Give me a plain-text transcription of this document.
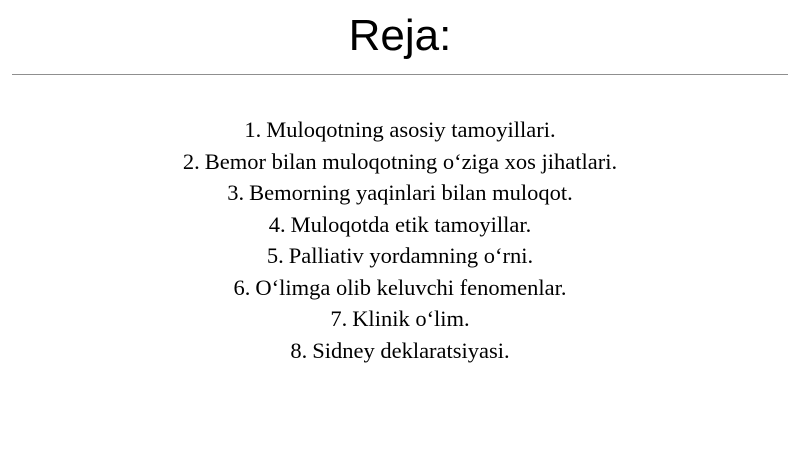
Reja:
1. Muloqotning asosiy tamoyillari.
2. Bemor bilan muloqotning o‘ziga xos jihatlari.
3. Bemorning yaqinlari bilan muloqot.
4. Muloqotda etik tamoyillar.
5. Palliativ yordamning o‘rni.
6. O‘limga olib keluvchi fenomenlar.
7. Klinik o‘lim.
8. Sidney deklaratsiyasi.
